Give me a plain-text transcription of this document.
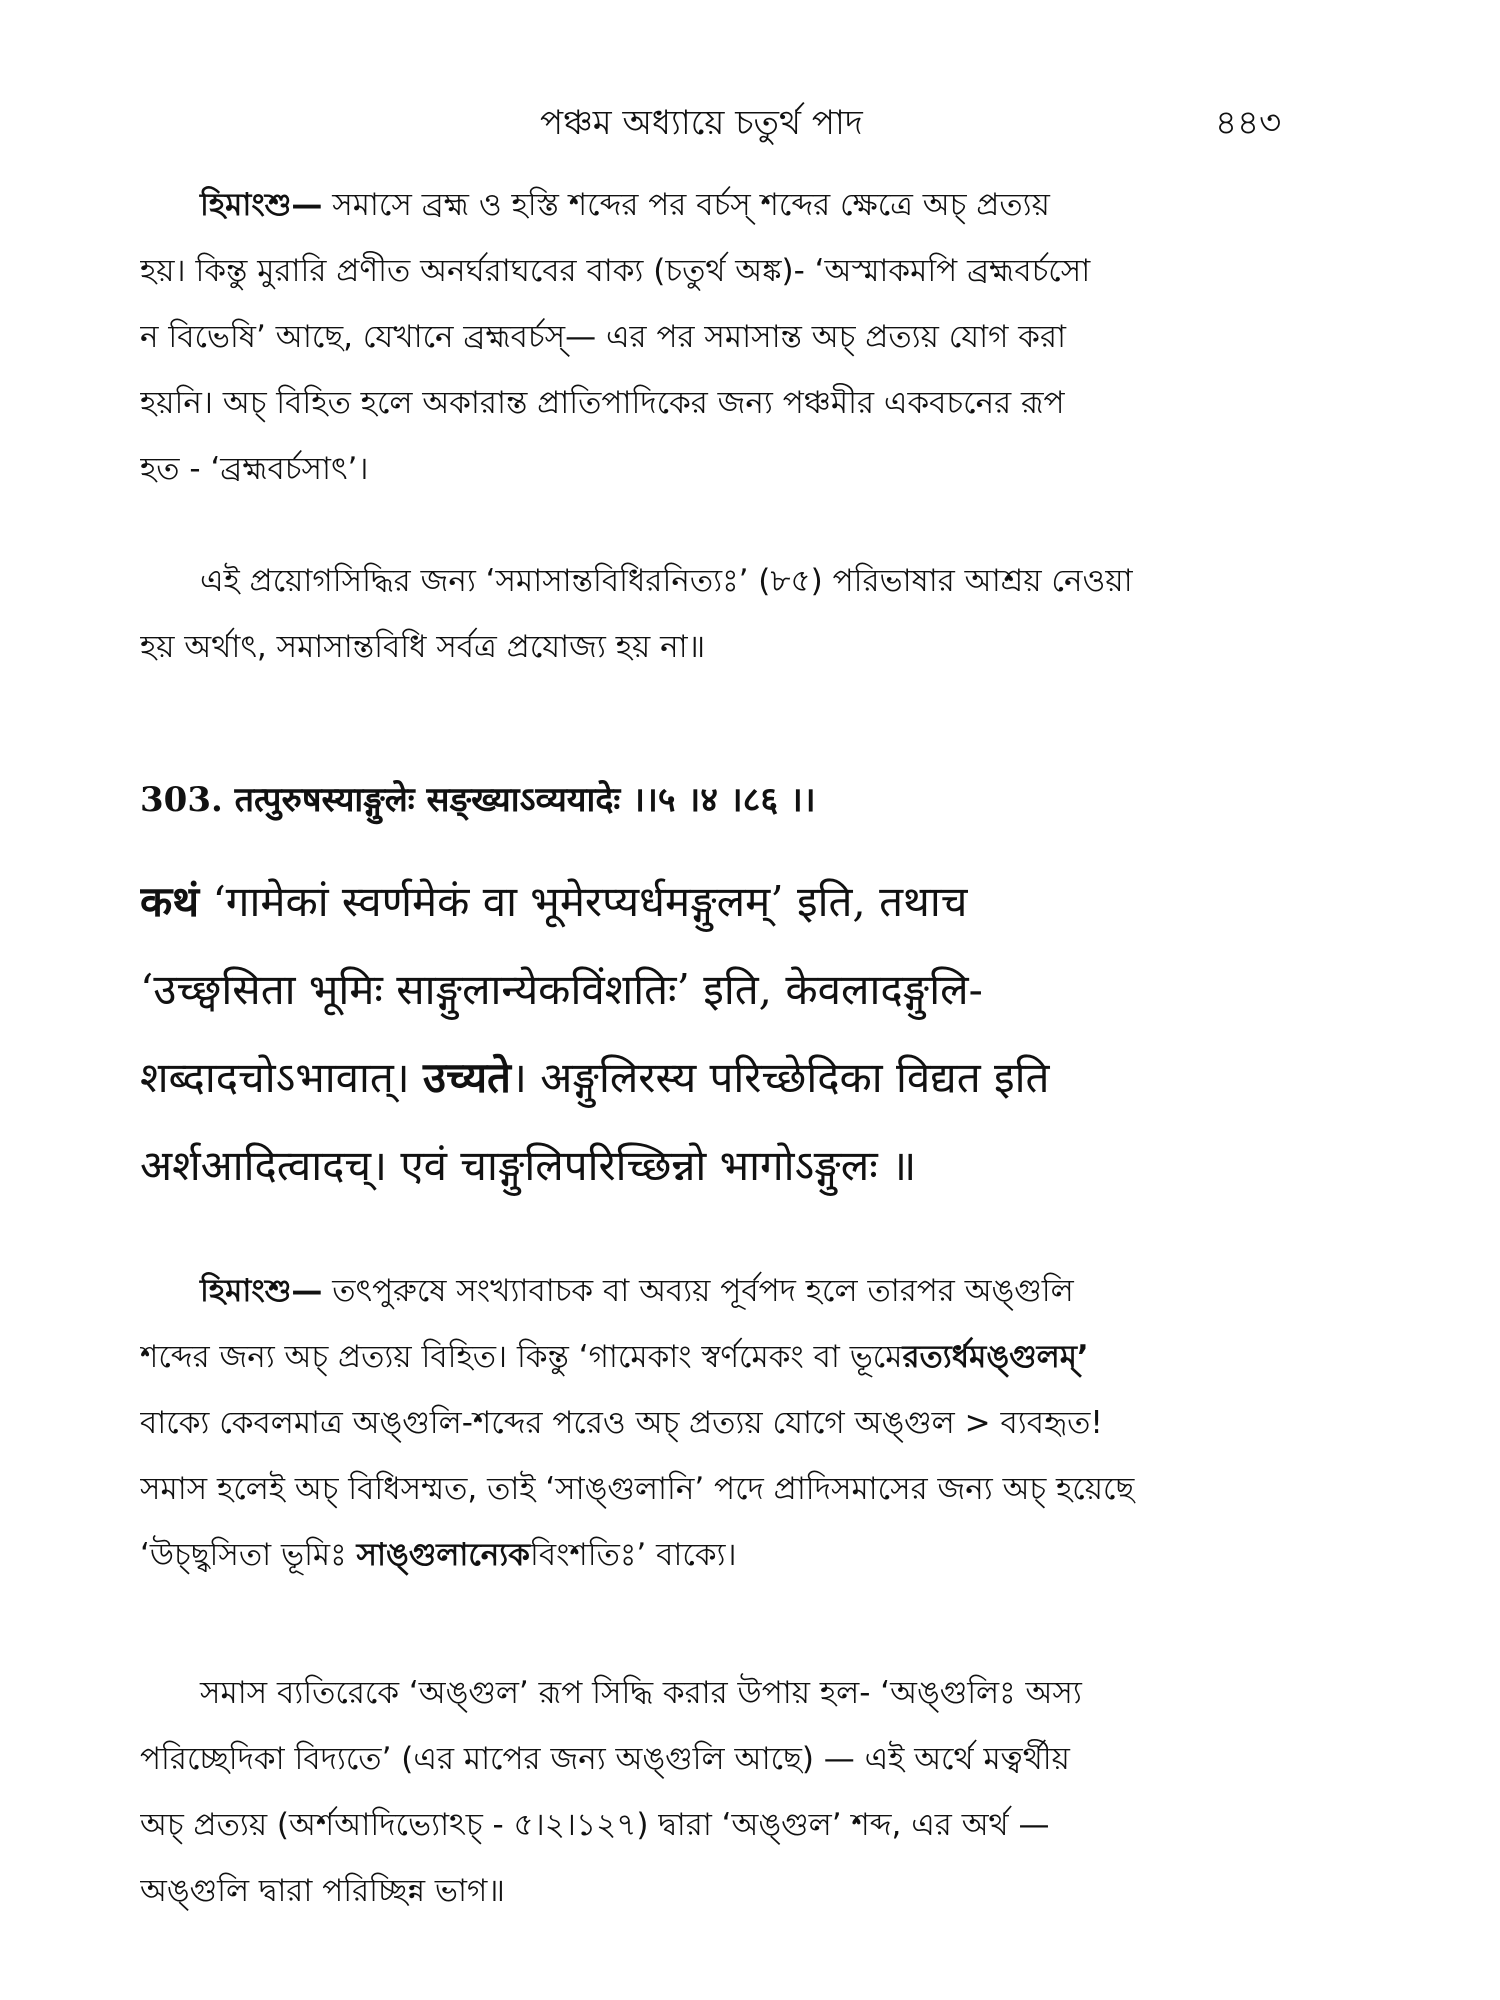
পঞ্চম অধ্যায়ে চতুর্থ পাদ	৪৪৩
হিমাংশু— সমাসে ব্রহ্ম ও হস্তি শব্দের পর বর্চস্ শব্দের ক্ষেত্রে অচ্ প্রত্যয়
হয়। কিন্তু মুরারি প্রণীত অনর্ঘরাঘবের বাক্য (চতুর্থ অঙ্ক)- ‘অস্মাকমপি ব্রহ্মবর্চসো
ন বিভেষি’ আছে, যেখানে ব্রহ্মবর্চস্— এর পর সমাসান্ত অচ্ প্রত্যয় যোগ করা
হয়নি। অচ্ বিহিত হলে অকারান্ত প্রাতিপাদিকের জন্য পঞ্চমীর একবচনের রূপ
হত - ‘ব্রহ্মবর্চসাৎ’।
এই প্রয়োগসিদ্ধির জন্য ‘সমাসান্তবিধিরনিত্যঃ’ (৮৫) পরিভাষার আশ্রয় নেওয়া
হয় অর্থাৎ, সমাসান্তবিধি সর্বত্র প্রযোজ্য হয় না॥
303. तत्पुरुषस्याङ्गुलेः सङ्ख्याऽव्ययादेः ।।५ ।४ ।८६ ।।
कथं ‘गामेकां स्वर्णमेकं वा भूमेरप्यर्धमङ्गुलम्’ इति, तथाच
‘उच्छ्वसिता भूमिः साङ्गुलान्येकविंशतिः’ इति, केवलादङ्गुलि-
शब्दादचोऽभावात्। उच्यते। अङ्गुलिरस्य परिच्छेदिका विद्यत इति
अर्शआदित्वादच्। एवं चाङ्गुलिपरिच्छिन्नो भागोऽङ्गुलः ॥
হিমাংশু— তৎপুরুষে সংখ্যাবাচক বা অব্যয় পূর্বপদ হলে তারপর অঙ্গুলি
শব্দের জন্য অচ্ প্রত্যয় বিহিত। কিন্তু ‘গামেকাং স্বর্ণমেকং বা ভূমেরত্যর্ধমঙ্গুলম্’
বাক্যে কেবলমাত্র অঙ্গুলি-শব্দের পরেও অচ্ প্রত্যয় যোগে অঙ্গুল > ব্যবহৃত!
সমাস হলেই অচ্ বিধিসম্মত, তাই ‘সাঙ্গুলানি’ পদে প্রাদিসমাসের জন্য অচ্ হয়েছে
‘উচ্ছ্বসিতা ভূমিঃ সাঙ্গুলান্যেকবিংশতিঃ’ বাক্যে।
সমাস ব্যতিরেকে ‘অঙ্গুল’ রূপ সিদ্ধি করার উপায় হল- ‘অঙ্গুলিঃ অস্য
পরিচ্ছেদিকা বিদ্যতে’ (এর মাপের জন্য অঙ্গুলি আছে) — এই অর্থে মত্বর্থীয়
অচ্ প্রত্যয় (অর্শআদিভ্যোঽচ্ - ৫।২।১২৭) দ্বারা ‘অঙ্গুল’ শব্দ, এর অর্থ —
অঙ্গুলি দ্বারা পরিচ্ছিন্ন ভাগ॥
